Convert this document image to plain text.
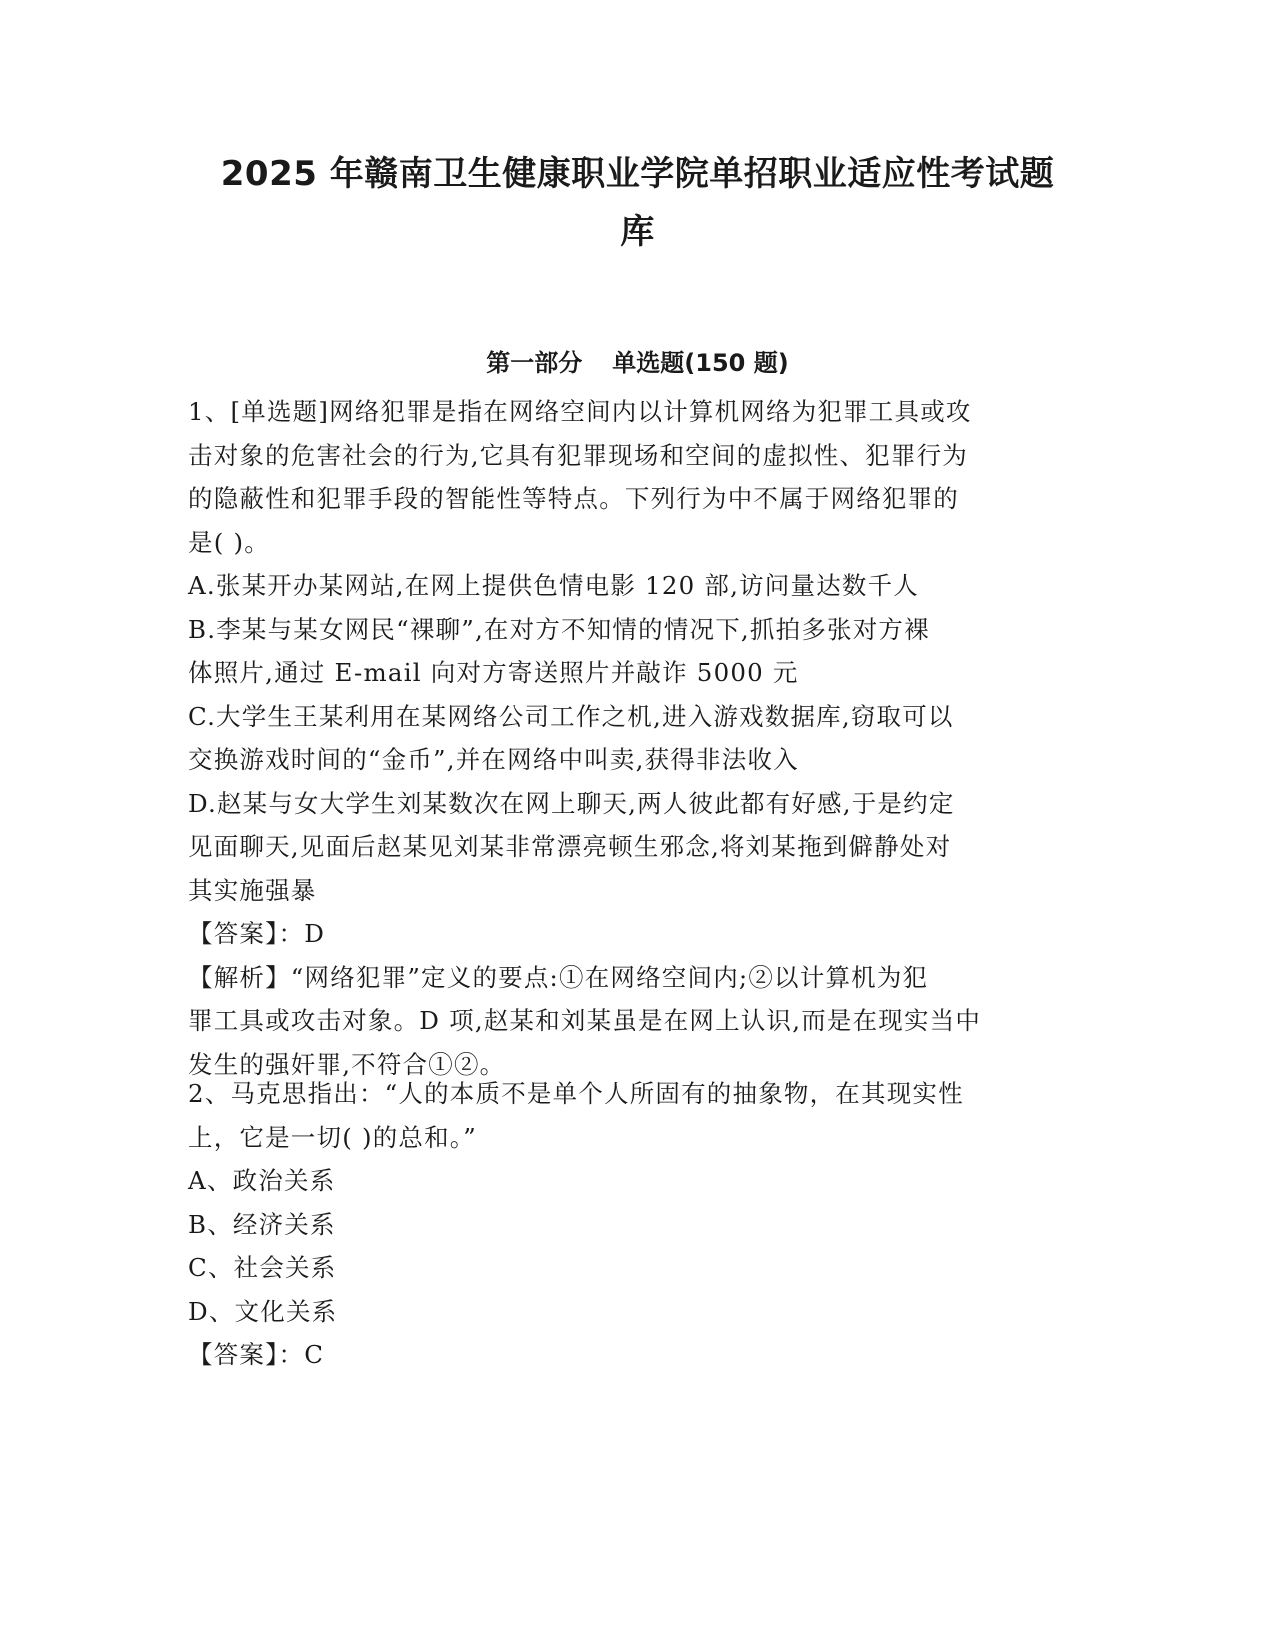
2025 年赣南卫生健康职业学院单招职业适应性考试题
库
第一部分 单选题(150 题)
1、[单选题]网络犯罪是指在网络空间内以计算机网络为犯罪工具或攻
击对象的危害社会的行为,它具有犯罪现场和空间的虚拟性、犯罪行为
的隐蔽性和犯罪手段的智能性等特点。下列行为中不属于网络犯罪的
是( )。
A.张某开办某网站,在网上提供色情电影 120 部,访问量达数千人
B.李某与某女网民“裸聊”,在对方不知情的情况下,抓拍多张对方裸
体照片,通过 E-mail 向对方寄送照片并敲诈 5000 元
C.大学生王某利用在某网络公司工作之机,进入游戏数据库,窃取可以
交换游戏时间的“金币”,并在网络中叫卖,获得非法收入
D.赵某与女大学生刘某数次在网上聊天,两人彼此都有好感,于是约定
见面聊天,见面后赵某见刘某非常漂亮顿生邪念,将刘某拖到僻静处对
其实施强暴
【答案】：D
【解析】“网络犯罪”定义的要点:①在网络空间内;②以计算机为犯
罪工具或攻击对象。D 项,赵某和刘某虽是在网上认识,而是在现实当中
发生的强奸罪,不符合①②。
2、马克思指出：“人的本质不是单个人所固有的抽象物，在其现实性
上，它是一切( )的总和。”
A、政治关系
B、经济关系
C、社会关系
D、文化关系
【答案】：C
